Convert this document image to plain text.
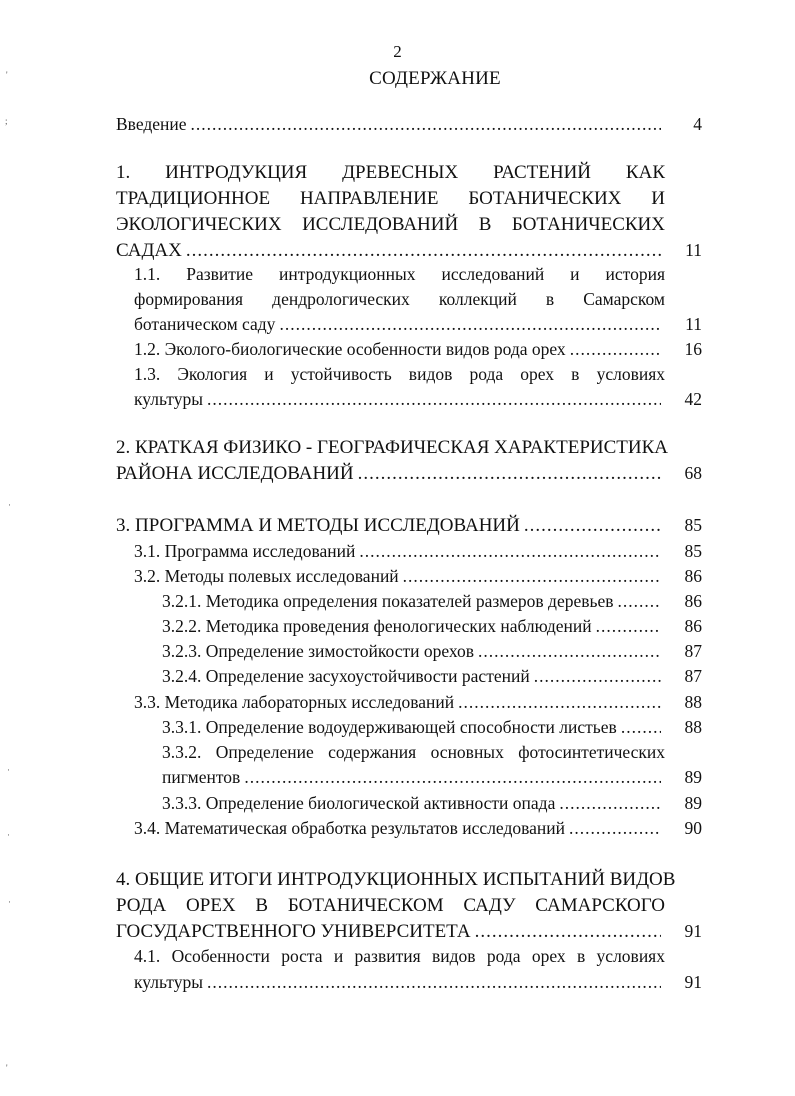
2
СОДЕРЖАНИЕ
4
Введение
.....
1. ИНТРОДУКЦИЯ ДРЕВЕСНЫХ РАСТЕНИЙ КАК
ТРАДИЦИОННОЕ НАПРАВЛЕНИЕ БОТАНИЧЕСКИХ И
ЭКОЛОГИЧЕСКИХ ИССЛЕДОВАНИЙ В БОТАНИЧЕСКИХ
11
САДАХ
.....
1.1. Развитие интродукционных исследований и история
формирования дендрологических коллекций в Самарском
11
ботаническом саду
.....
16
1.2. Эколого-биологические особенности видов рода орех
.....
1.3. Экология и устойчивость видов рода орех в условиях
42
культуры
.....
2. КРАТКАЯ ФИЗИКО - ГЕОГРАФИЧЕСКАЯ ХАРАКТЕРИСТИКА
68
РАЙОНА ИССЛЕДОВАНИЙ
.....
85
3. ПРОГРАММА И МЕТОДЫ ИССЛЕДОВАНИЙ
.....
85
3.1. Программа исследований
.....
86
3.2. Методы полевых исследований
.....
86
3.2.1. Методика определения показателей размеров деревьев
.....
86
3.2.2. Методика проведения фенологических наблюдений
.....
87
3.2.3. Определение зимостойкости орехов
.....
87
3.2.4. Определение засухоустойчивости растений
.....
88
3.3. Методика лабораторных исследований
.....
88
3.3.1. Определение водоудерживающей способности листьев
.....
3.3.2. Определение содержания основных фотосинтетических
89
пигментов
.....
89
3.3.3. Определение биологической активности опада
.....
90
3.4. Математическая обработка результатов исследований
.....
4. ОБЩИЕ ИТОГИ ИНТРОДУКЦИОННЫХ ИСПЫТАНИЙ ВИДОВ
РОДА ОРЕХ В БОТАНИЧЕСКОМ САДУ САМАРСКОГО
91
ГОСУДАРСТВЕННОГО УНИВЕРСИТЕТА
.....
4.1. Особенности роста и развития видов рода орех в условиях
91
культуры
.....
'
;
·
·
·
·
'
